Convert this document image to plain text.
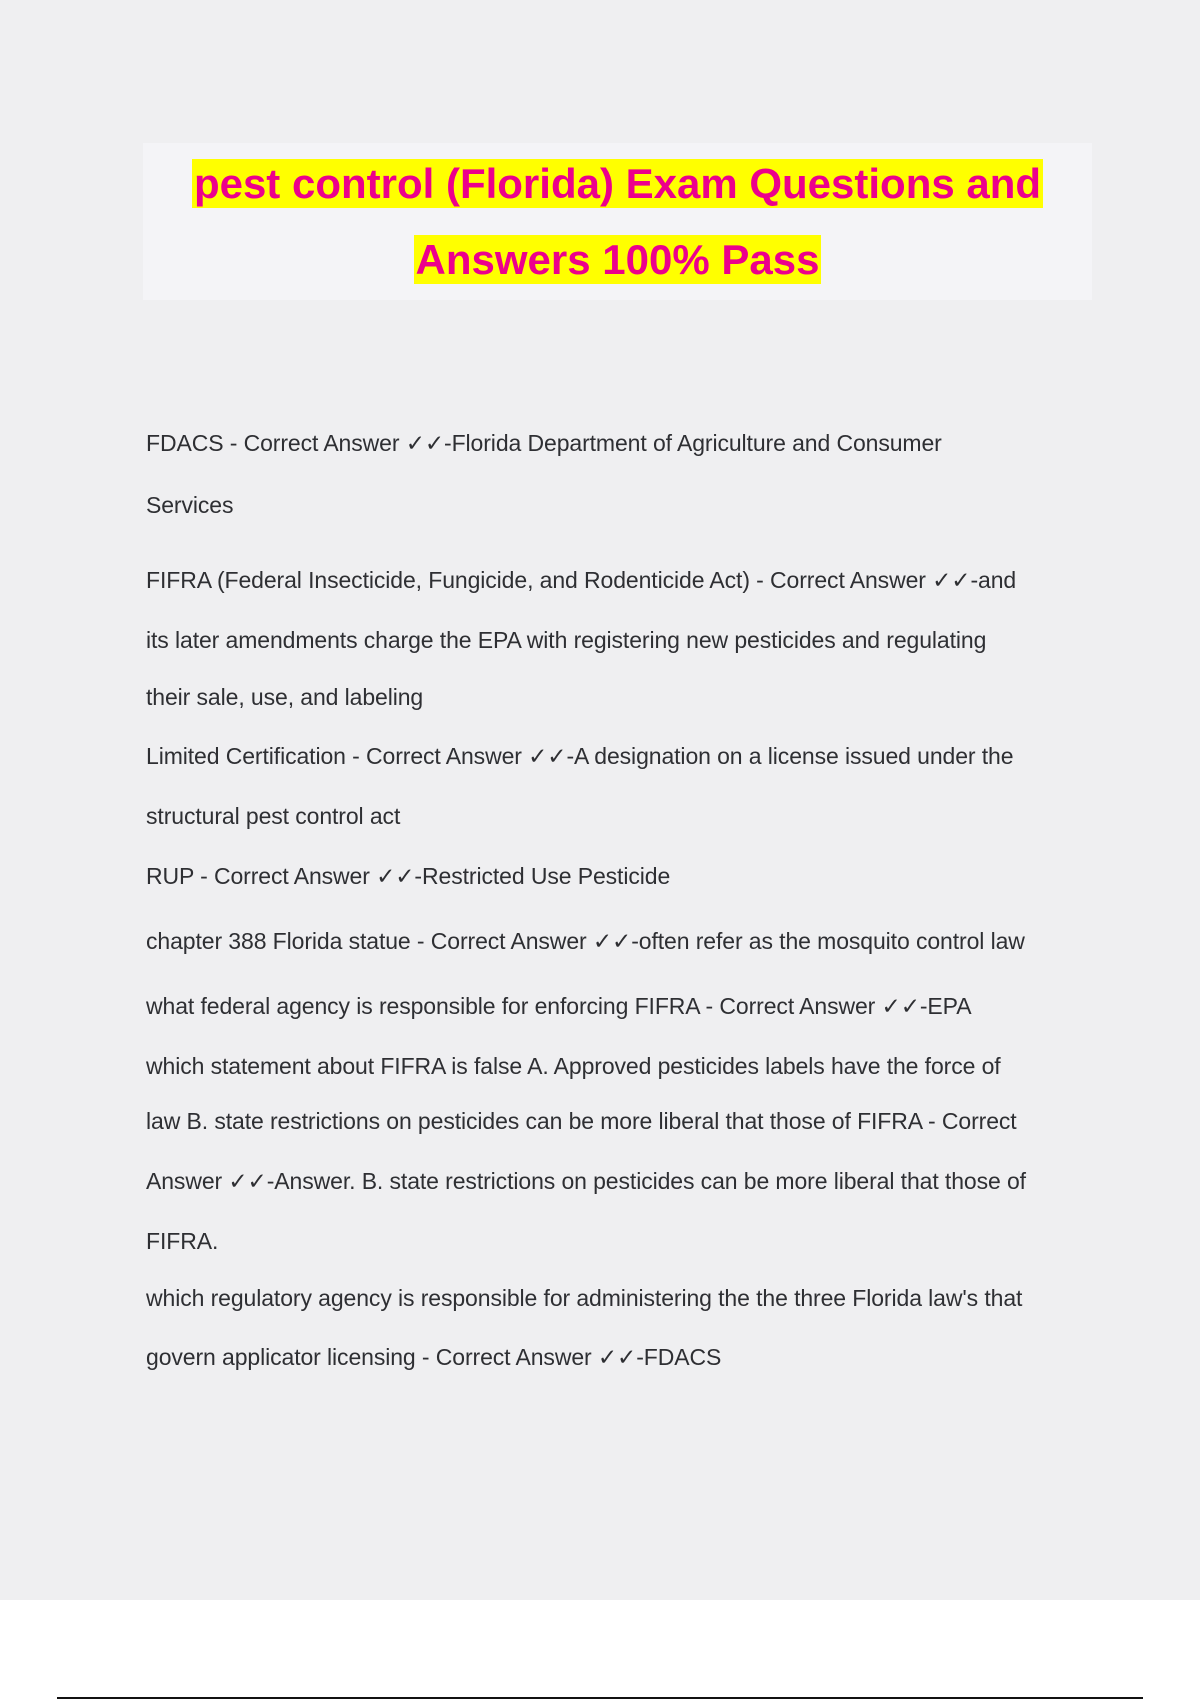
pest control (Florida) Exam Questions and
Answers 100% Pass
FDACS - Correct Answer ✓✓-Florida Department of Agriculture and Consumer
Services
FIFRA (Federal Insecticide, Fungicide, and Rodenticide Act) - Correct Answer ✓✓-and
its later amendments charge the EPA with registering new pesticides and regulating
their sale, use, and labeling
Limited Certification - Correct Answer ✓✓-A designation on a license issued under the
structural pest control act
RUP - Correct Answer ✓✓-Restricted Use Pesticide
chapter 388 Florida statue - Correct Answer ✓✓-often refer as the mosquito control law
what federal agency is responsible for enforcing FIFRA - Correct Answer ✓✓-EPA
which statement about FIFRA is false A. Approved pesticides labels have the force of
law B. state restrictions on pesticides can be more liberal that those of FIFRA - Correct
Answer ✓✓-Answer. B. state restrictions on pesticides can be more liberal that those of
FIFRA.
which regulatory agency is responsible for administering the the three Florida law's that
govern applicator licensing - Correct Answer ✓✓-FDACS
